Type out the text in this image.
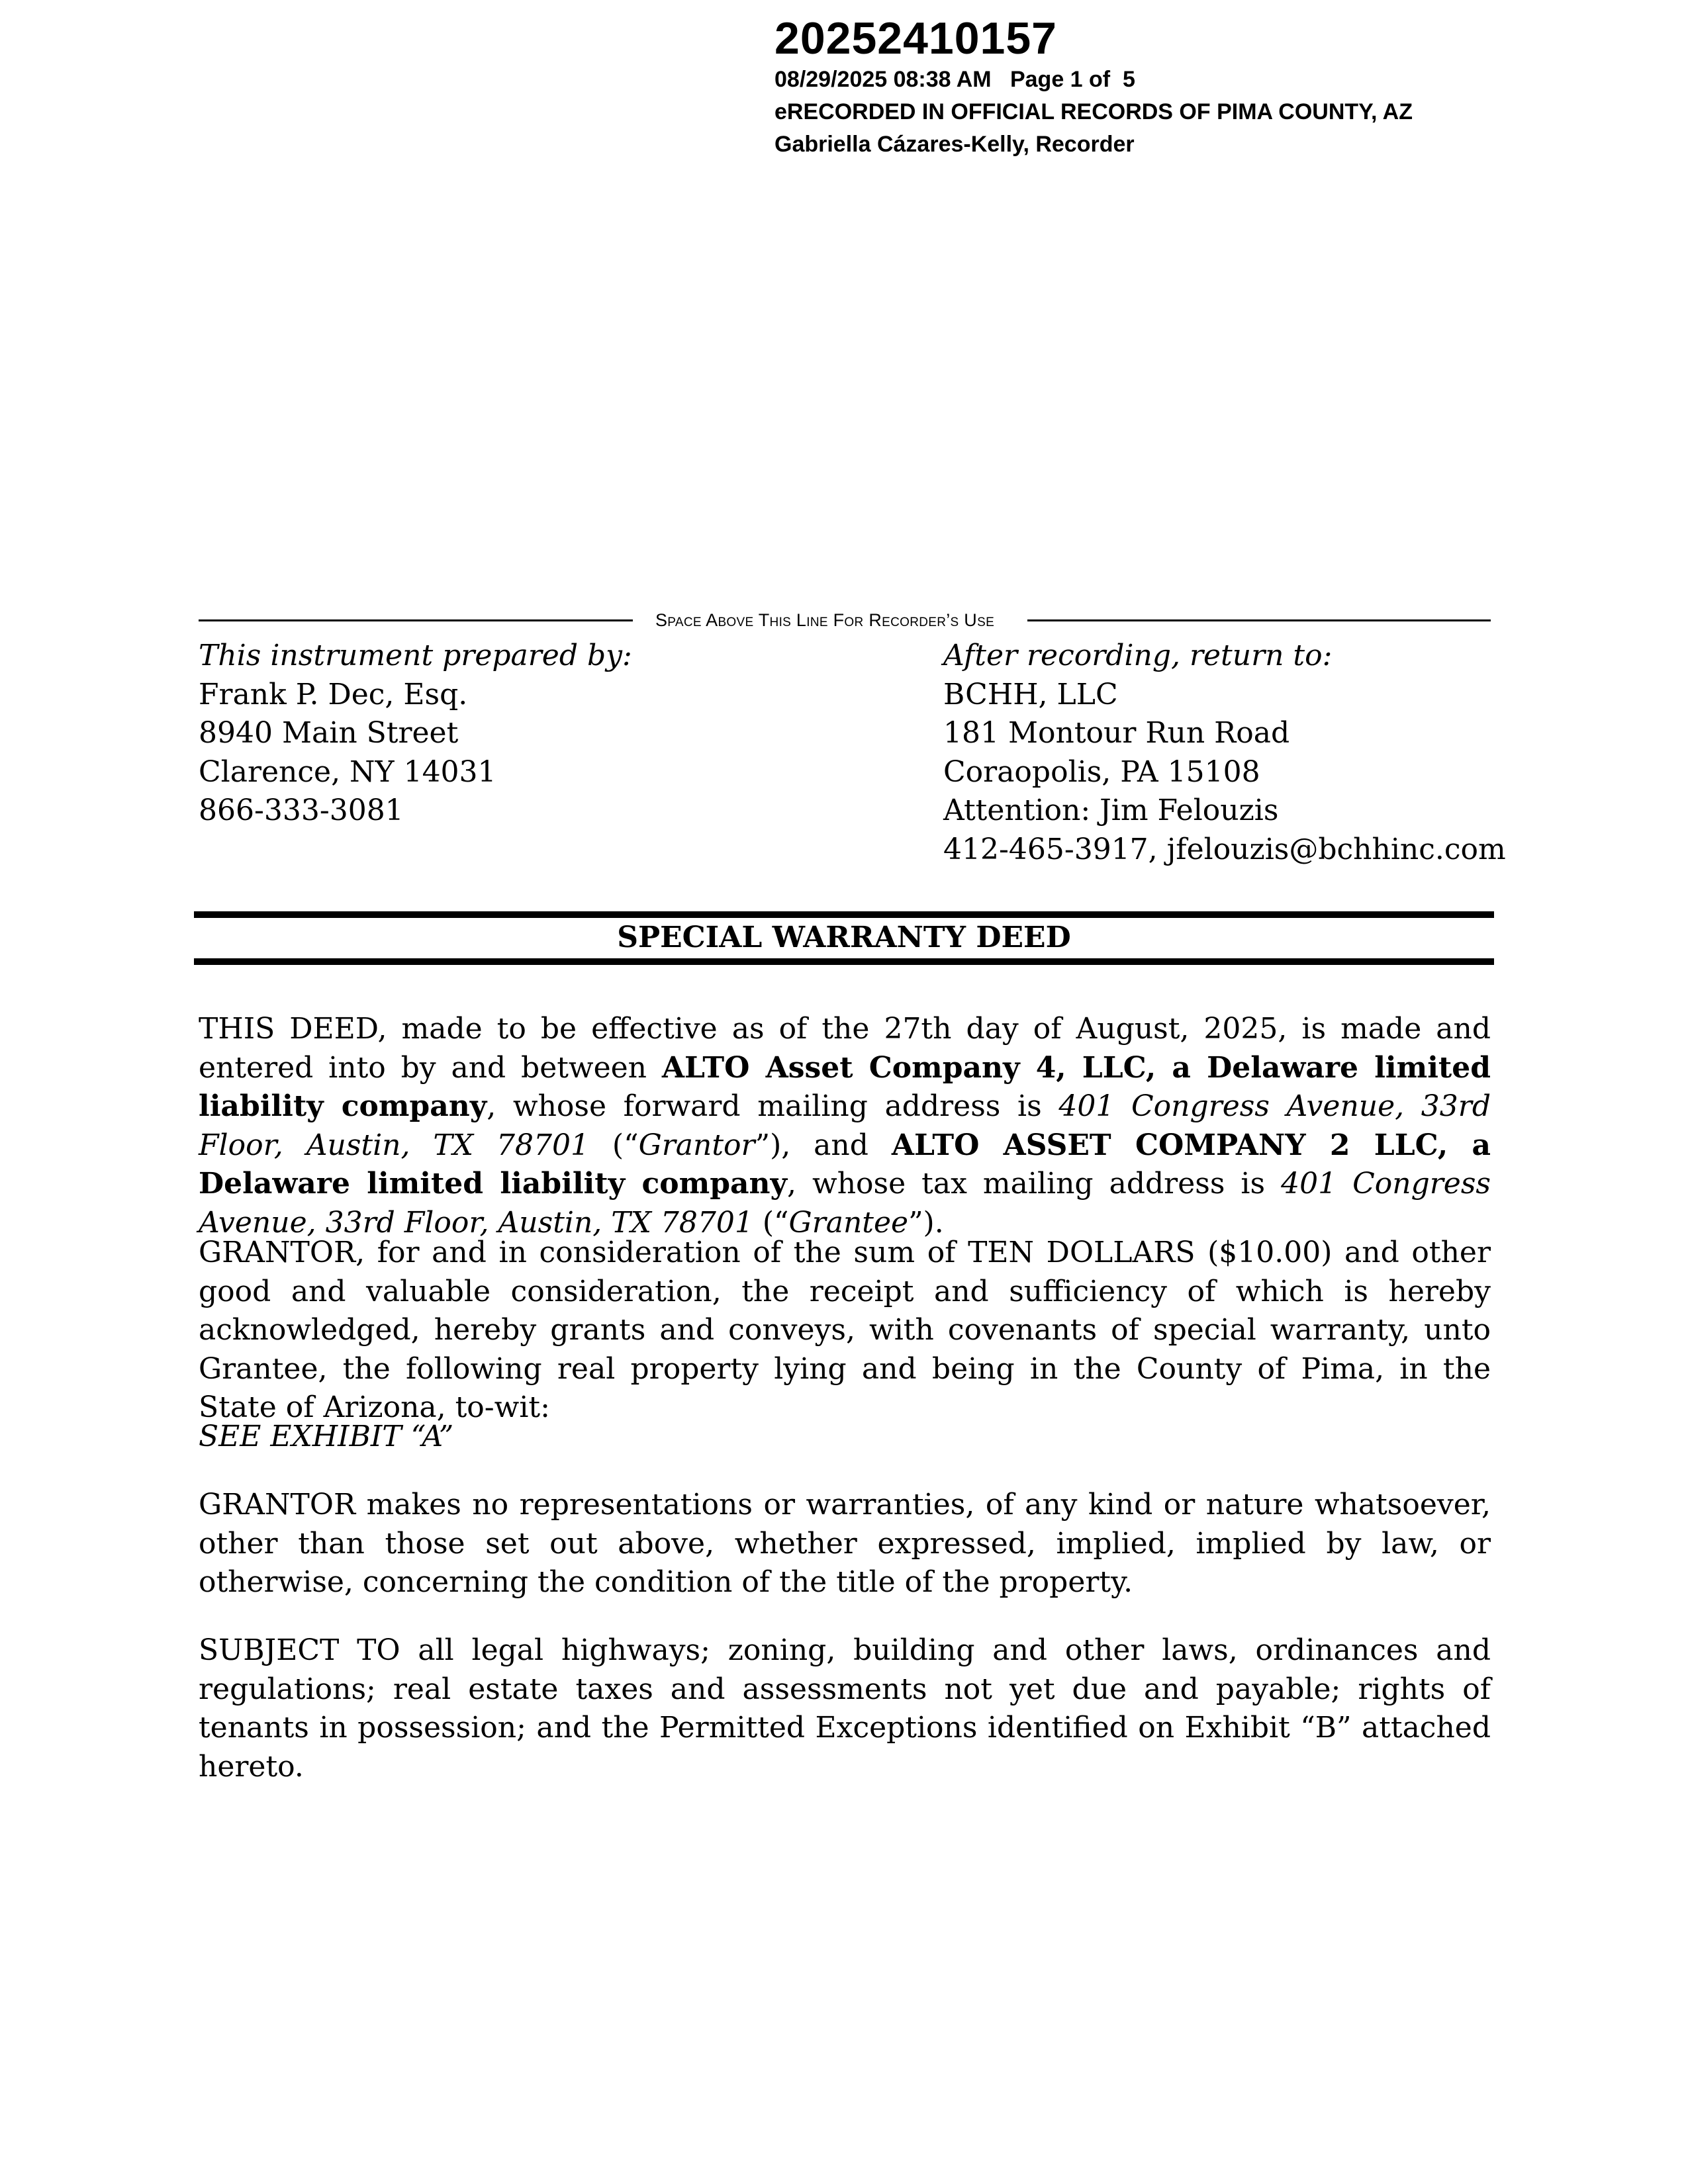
20252410157
08/29/2025 08:38 AM   Page 1 of  5
eRECORDED IN OFFICIAL RECORDS OF PIMA COUNTY, AZ
Gabriella Cázares-Kelly, Recorder
Space Above This Line For Recorder’s Use
This instrument prepared by:
Frank P. Dec, Esq.
8940 Main Street
Clarence, NY 14031
866-333-3081
After recording, return to:
BCHH, LLC
181 Montour Run Road
Coraopolis, PA 15108
Attention: Jim Felouzis
412-465-3917, jfelouzis@bchhinc.com
SPECIAL WARRANTY DEED
THIS DEED, made to be effective as of the 27th day of August, 2025, is made and entered into by and between ALTO Asset Company 4, LLC, a Delaware limited liability company, whose forward mailing address is 401 Congress Avenue, 33rd Floor, Austin, TX 78701 (“Grantor”), and ALTO ASSET COMPANY 2 LLC, a Delaware limited liability company, whose tax mailing address is 401 Congress Avenue, 33rd Floor, Austin, TX 78701 (“Grantee”).
GRANTOR, for and in consideration of the sum of TEN DOLLARS ($10.00) and other good and valuable consideration, the receipt and sufficiency of which is hereby acknowledged, hereby grants and conveys, with covenants of special warranty, unto Grantee, the following real property lying and being in the County of Pima, in the State of Arizona, to-wit:
SEE EXHIBIT “A”
GRANTOR makes no representations or warranties, of any kind or nature whatsoever, other than those set out above, whether expressed, implied, implied by law, or otherwise, concerning the condition of the title of the property.
SUBJECT TO all legal highways; zoning, building and other laws, ordinances and regulations; real estate taxes and assessments not yet due and payable; rights of tenants in possession; and the Permitted Exceptions identified on Exhibit “B” attached hereto.
